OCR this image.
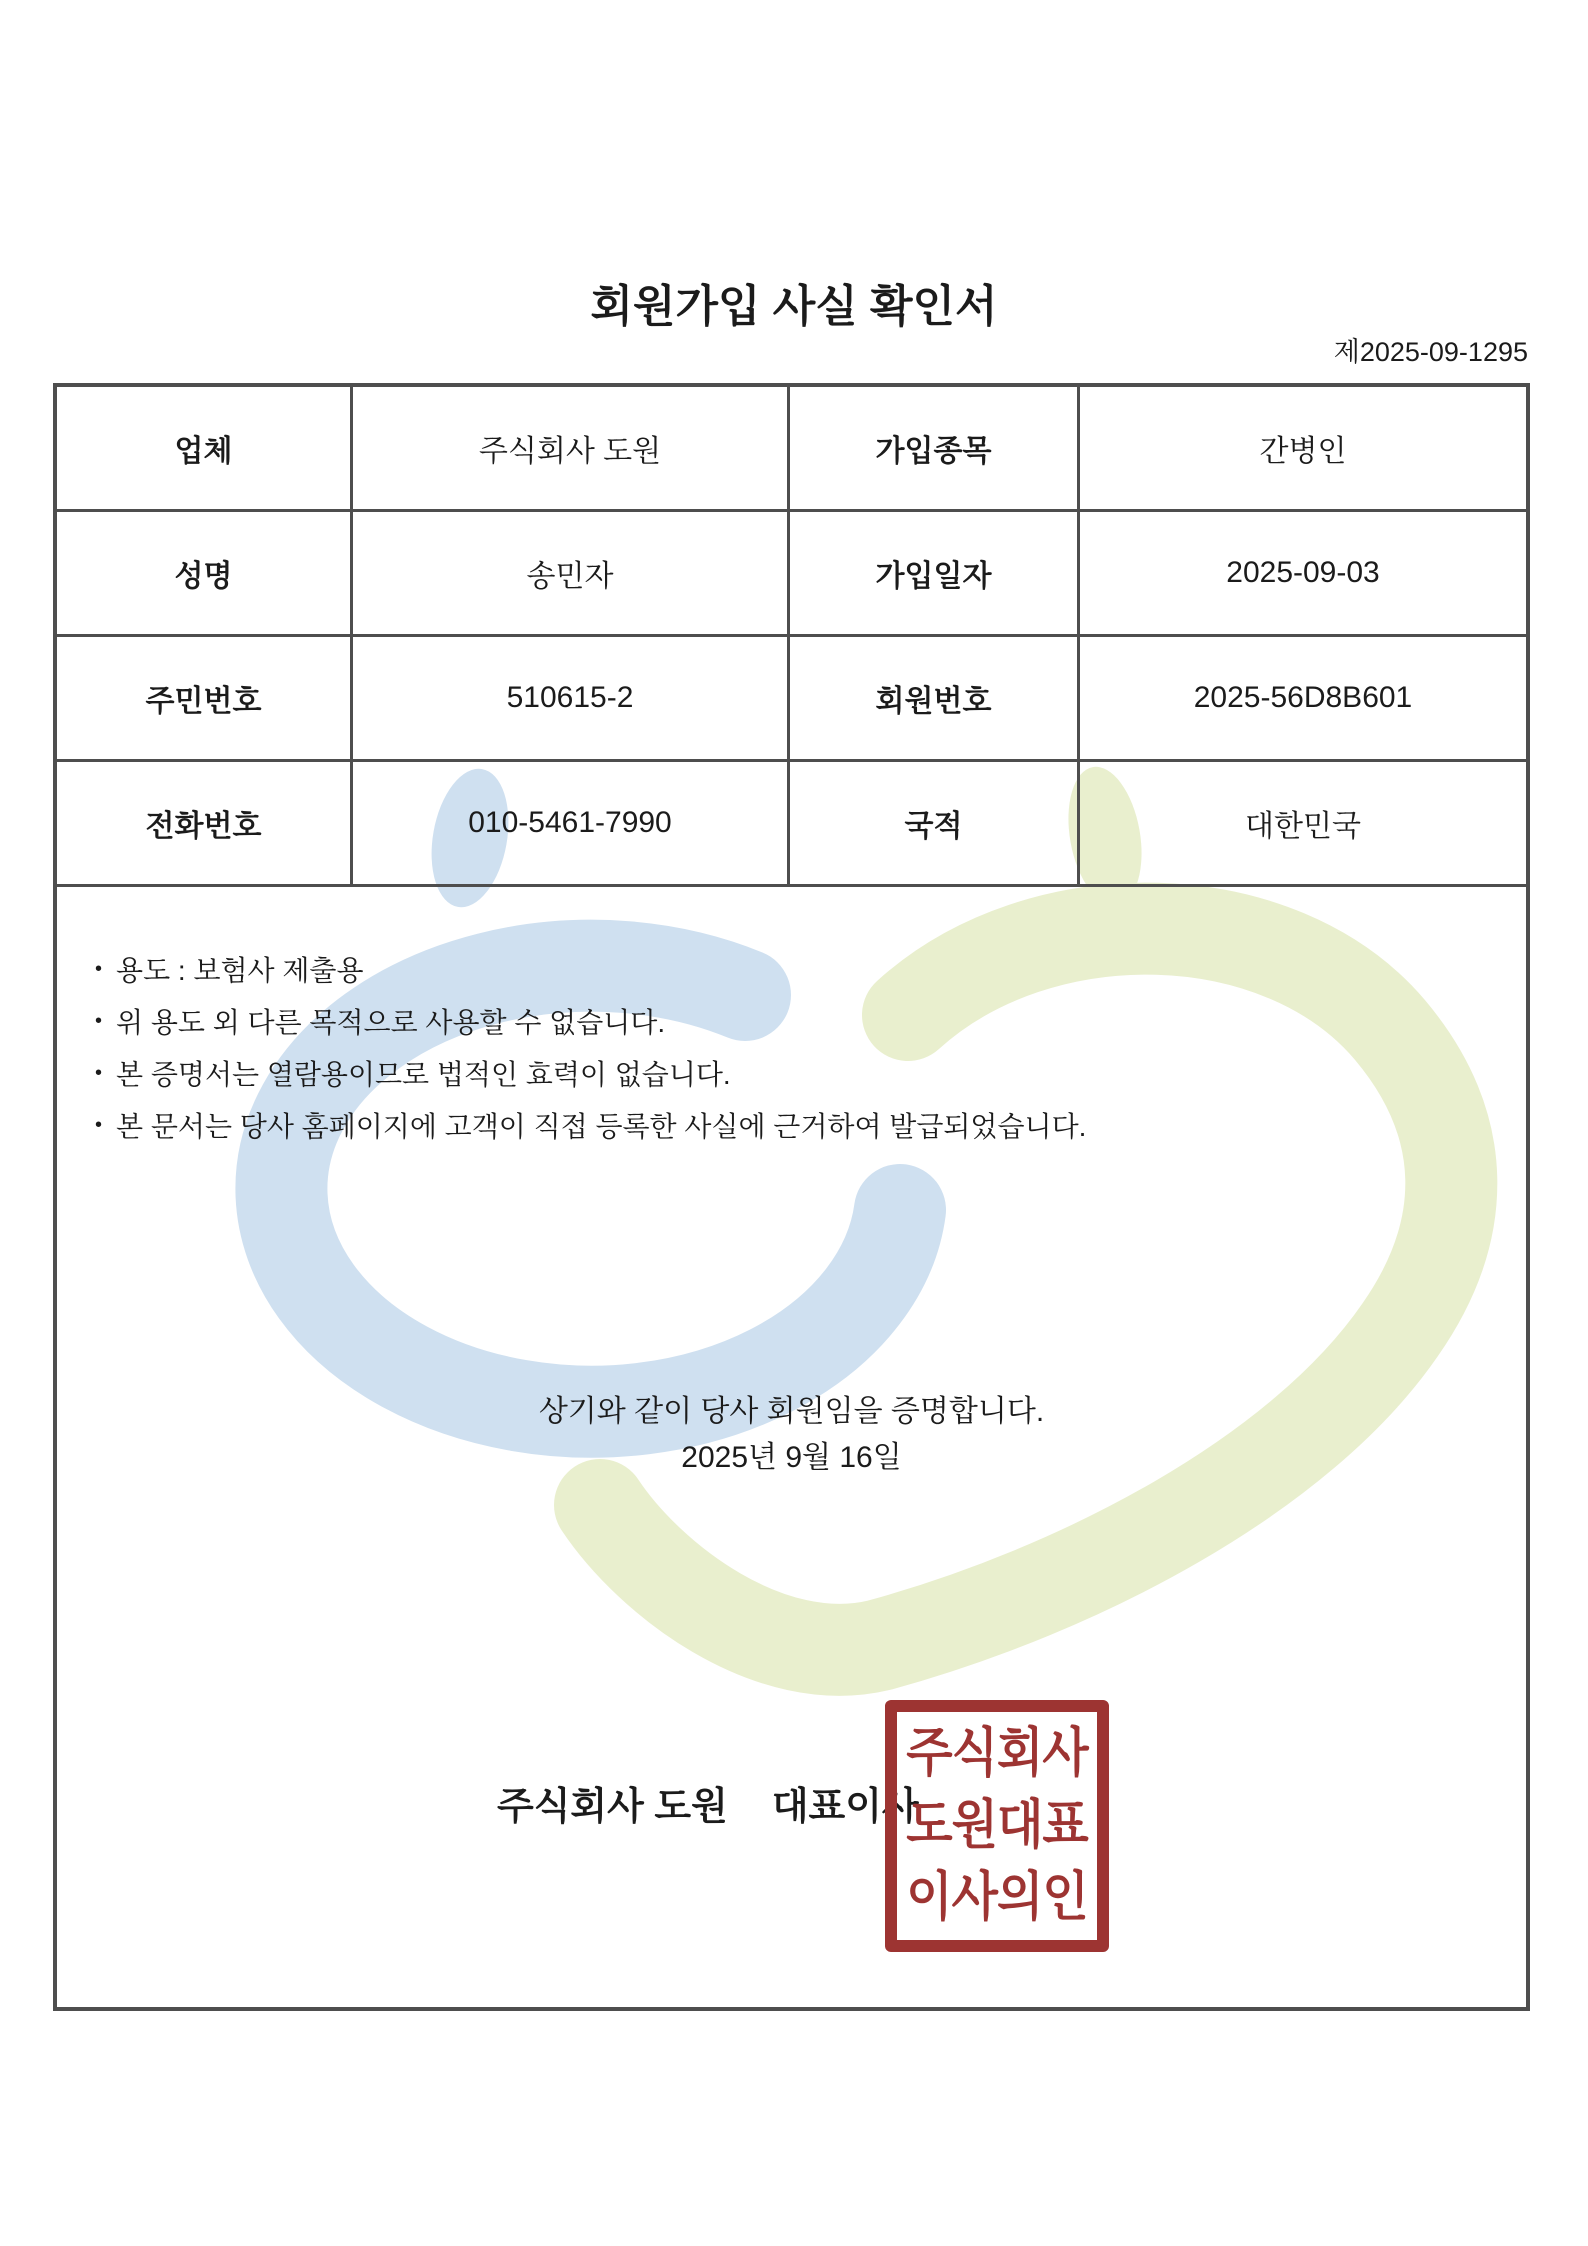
회원가입 사실 확인서
제2025-09-1295
업체	주식회사 도원	가입종목	간병인
성명	송민자	가입일자	2025-09-03
주민번호	510615-2	회원번호	2025-56D8B601
전화번호	010-5461-7990	국적	대한민국
• 용도 : 보험사 제출용
• 위 용도 외 다른 목적으로 사용할 수 없습니다.
• 본 증명서는 열람용이므로 법적인 효력이 없습니다.
• 본 문서는 당사 홈페이지에 고객이 직접 등록한 사실에 근거하여 발급되었습니다.
상기와 같이 당사 회원임을 증명합니다.
2025년 9월 16일
주식회사 도원 대표이사
주식회사
도원대표
이사의인
